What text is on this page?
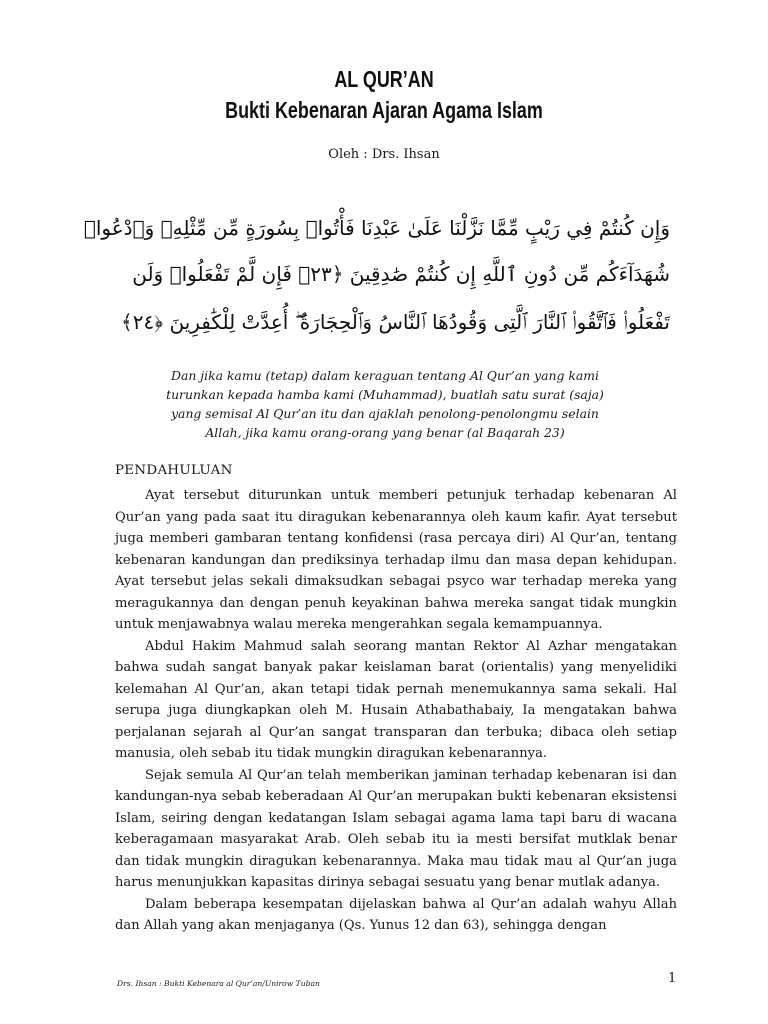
AL QUR’AN
Bukti Kebenaran Ajaran Agama Islam
Oleh : Drs. Ihsan
وَإِن كُنتُمْ فِي رَيْبٍ مِّمَّا نَزَّلْنَا عَلَىٰ عَبْدِنَا فَأْتُوا۟ بِسُورَةٍ مِّن مِّثْلِهِۦ وَٱدْعُوا۟
شُهَدَآءَكُم مِّن دُونِ ٱللَّهِ إِن كُنتُمْ صَٰدِقِينَ ﴿٢٣﴾ فَإِن لَّمْ تَفْعَلُوا۟ وَلَن
تَفْعَلُوا۟ فَٱتَّقُوا۟ ٱلنَّارَ ٱلَّتِى وَقُودُهَا ٱلنَّاسُ وَٱلْحِجَارَةُ ۖ أُعِدَّتْ لِلْكَٰفِرِينَ ﴿٢٤﴾
Dan jika kamu (tetap) dalam keraguan tentang Al Qur’an yang kami turunkan kepada hamba kami (Muhammad), buatlah satu surat (saja) yang semisal Al Qur’an itu dan ajaklah penolong-penolongmu selain Allah, jika kamu orang-orang yang benar (al Baqarah 23)
PENDAHULUAN

Ayat tersebut diturunkan untuk memberi petunjuk terhadap kebenaran Al Qur’an yang pada saat itu diragukan kebenarannya oleh kaum kafir. Ayat tersebut juga memberi gambaran tentang konfidensi (rasa percaya diri) Al Qur’an, tentang kebenaran kandungan dan prediksinya terhadap ilmu dan masa depan kehidupan. Ayat tersebut jelas sekali dimaksudkan sebagai psyco war terhadap mereka yang meragukannya dan dengan penuh keyakinan bahwa mereka sangat tidak mungkin untuk menjawabnya walau mereka mengerahkan segala kemampuannya.

Abdul Hakim Mahmud salah seorang mantan Rektor Al Azhar mengatakan bahwa sudah sangat banyak pakar keislaman barat (orientalis) yang menyelidiki kelemahan Al Qur’an, akan tetapi tidak pernah menemukannya sama sekali. Hal serupa juga diungkapkan oleh M. Husain Athabathabaiy, Ia mengatakan bahwa perjalanan sejarah al Qur’an sangat transparan dan terbuka; dibaca oleh setiap manusia, oleh sebab itu tidak mungkin diragukan kebenarannya.

Sejak semula Al Qur’an telah memberikan jaminan terhadap kebenaran isi dan kandungan-nya sebab keberadaan Al Qur’an merupakan bukti kebenaran eksistensi Islam, seiring dengan kedatangan Islam sebagai agama lama tapi baru di wacana keberagamaan masyarakat Arab. Oleh sebab itu ia mesti bersifat mutklak benar dan tidak mungkin diragukan kebenarannya. Maka mau tidak mau al Qur’an juga harus menunjukkan kapasitas dirinya sebagai sesuatu yang benar mutlak adanya.

Dalam beberapa kesempatan dijelaskan bahwa al Qur’an adalah wahyu Allah dan Allah yang akan menjaganya (Qs. Yunus 12 dan 63), sehingga dengan

Drs. Ihsan : Bukti Kebenara al Qur’an/Unirow Tuban	1
